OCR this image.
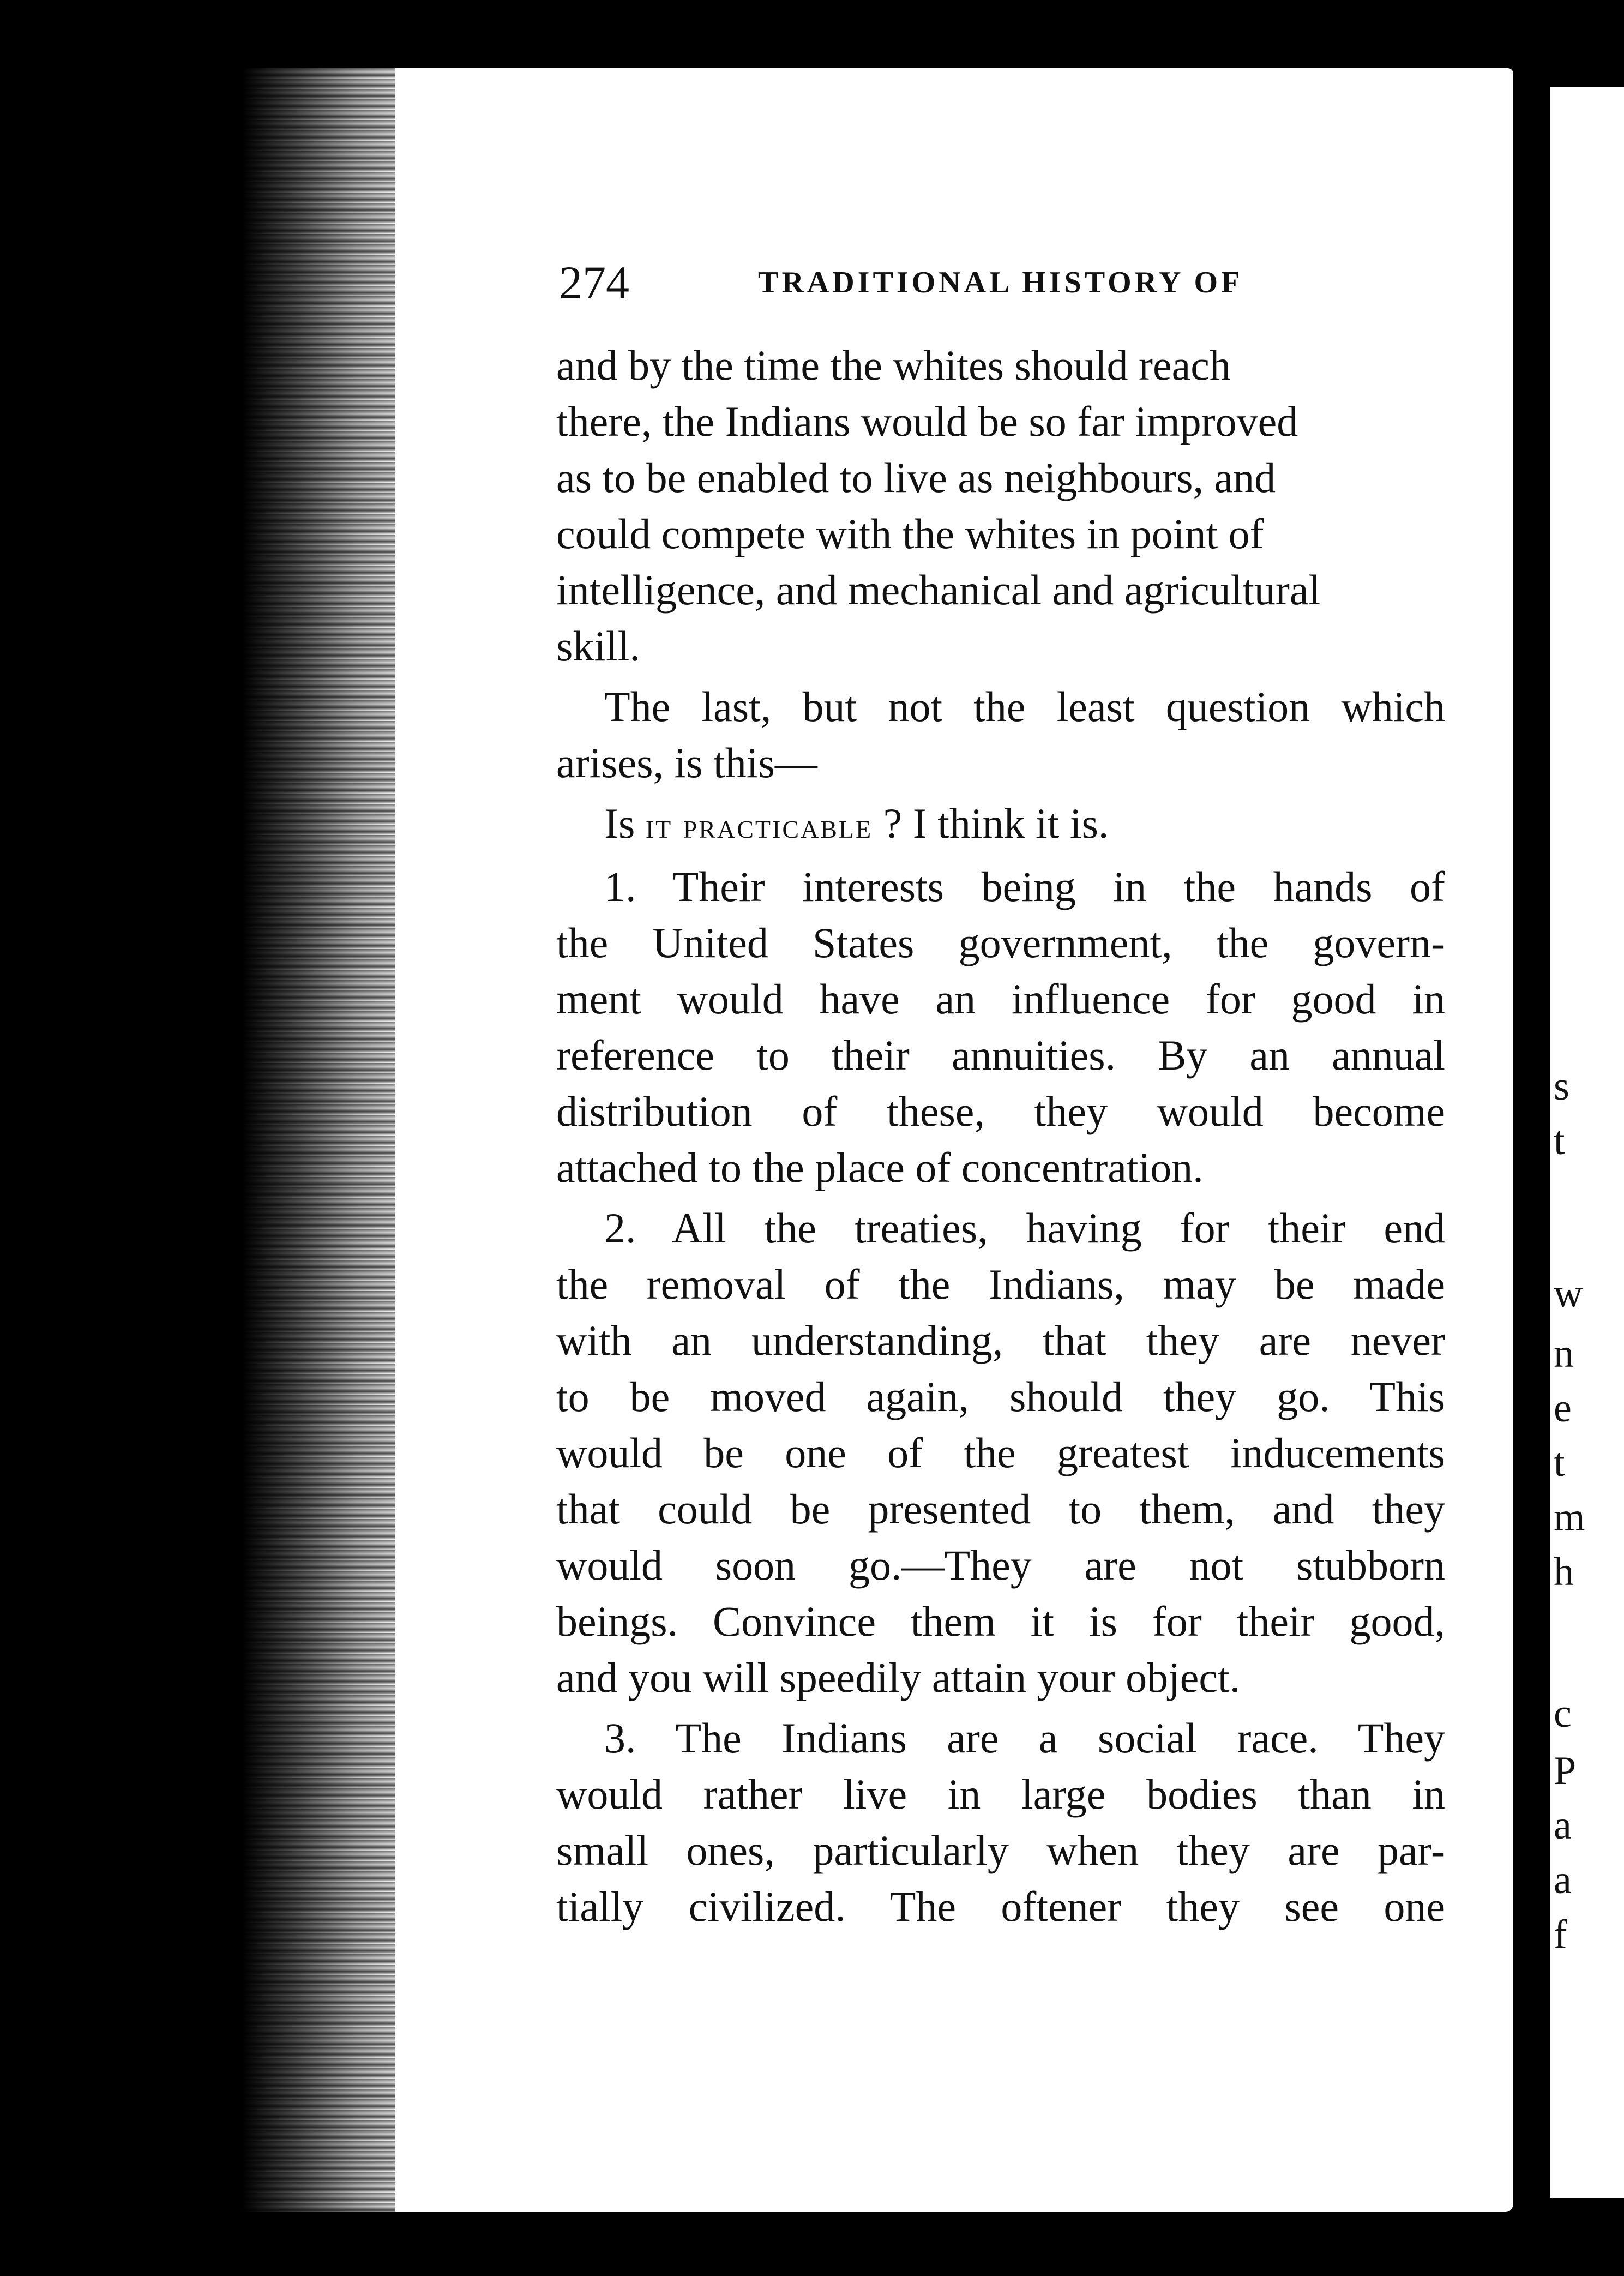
s
t
w
n
e
t
m
h
c
P
a
a
f
274	TRADITIONAL HISTORY OF

and by the time the whites should reach

there, the Indians would be so far improved

as to be enabled to live as neighbours, and

could compete with the whites in point of

intelligence, and mechanical and agricultural

skill.

The last, but not the least question which

arises, is this—

Is it practicable ? I think it is.

1. Their interests being in the hands of

the United States government, the govern-

ment would have an influence for good in

reference to their annuities. By an annual

distribution of these, they would become

attached to the place of concentration.

2. All the treaties, having for their end

the removal of the Indians, may be made

with an understanding, that they are never

to be moved again, should they go. This

would be one of the greatest inducements

that could be presented to them, and they

would soon go.—They are not stubborn

beings. Convince them it is for their good,

and you will speedily attain your object.

3. The Indians are a social race. They

would rather live in large bodies than in

small ones, particularly when they are par-

tially civilized. The oftener they see one
